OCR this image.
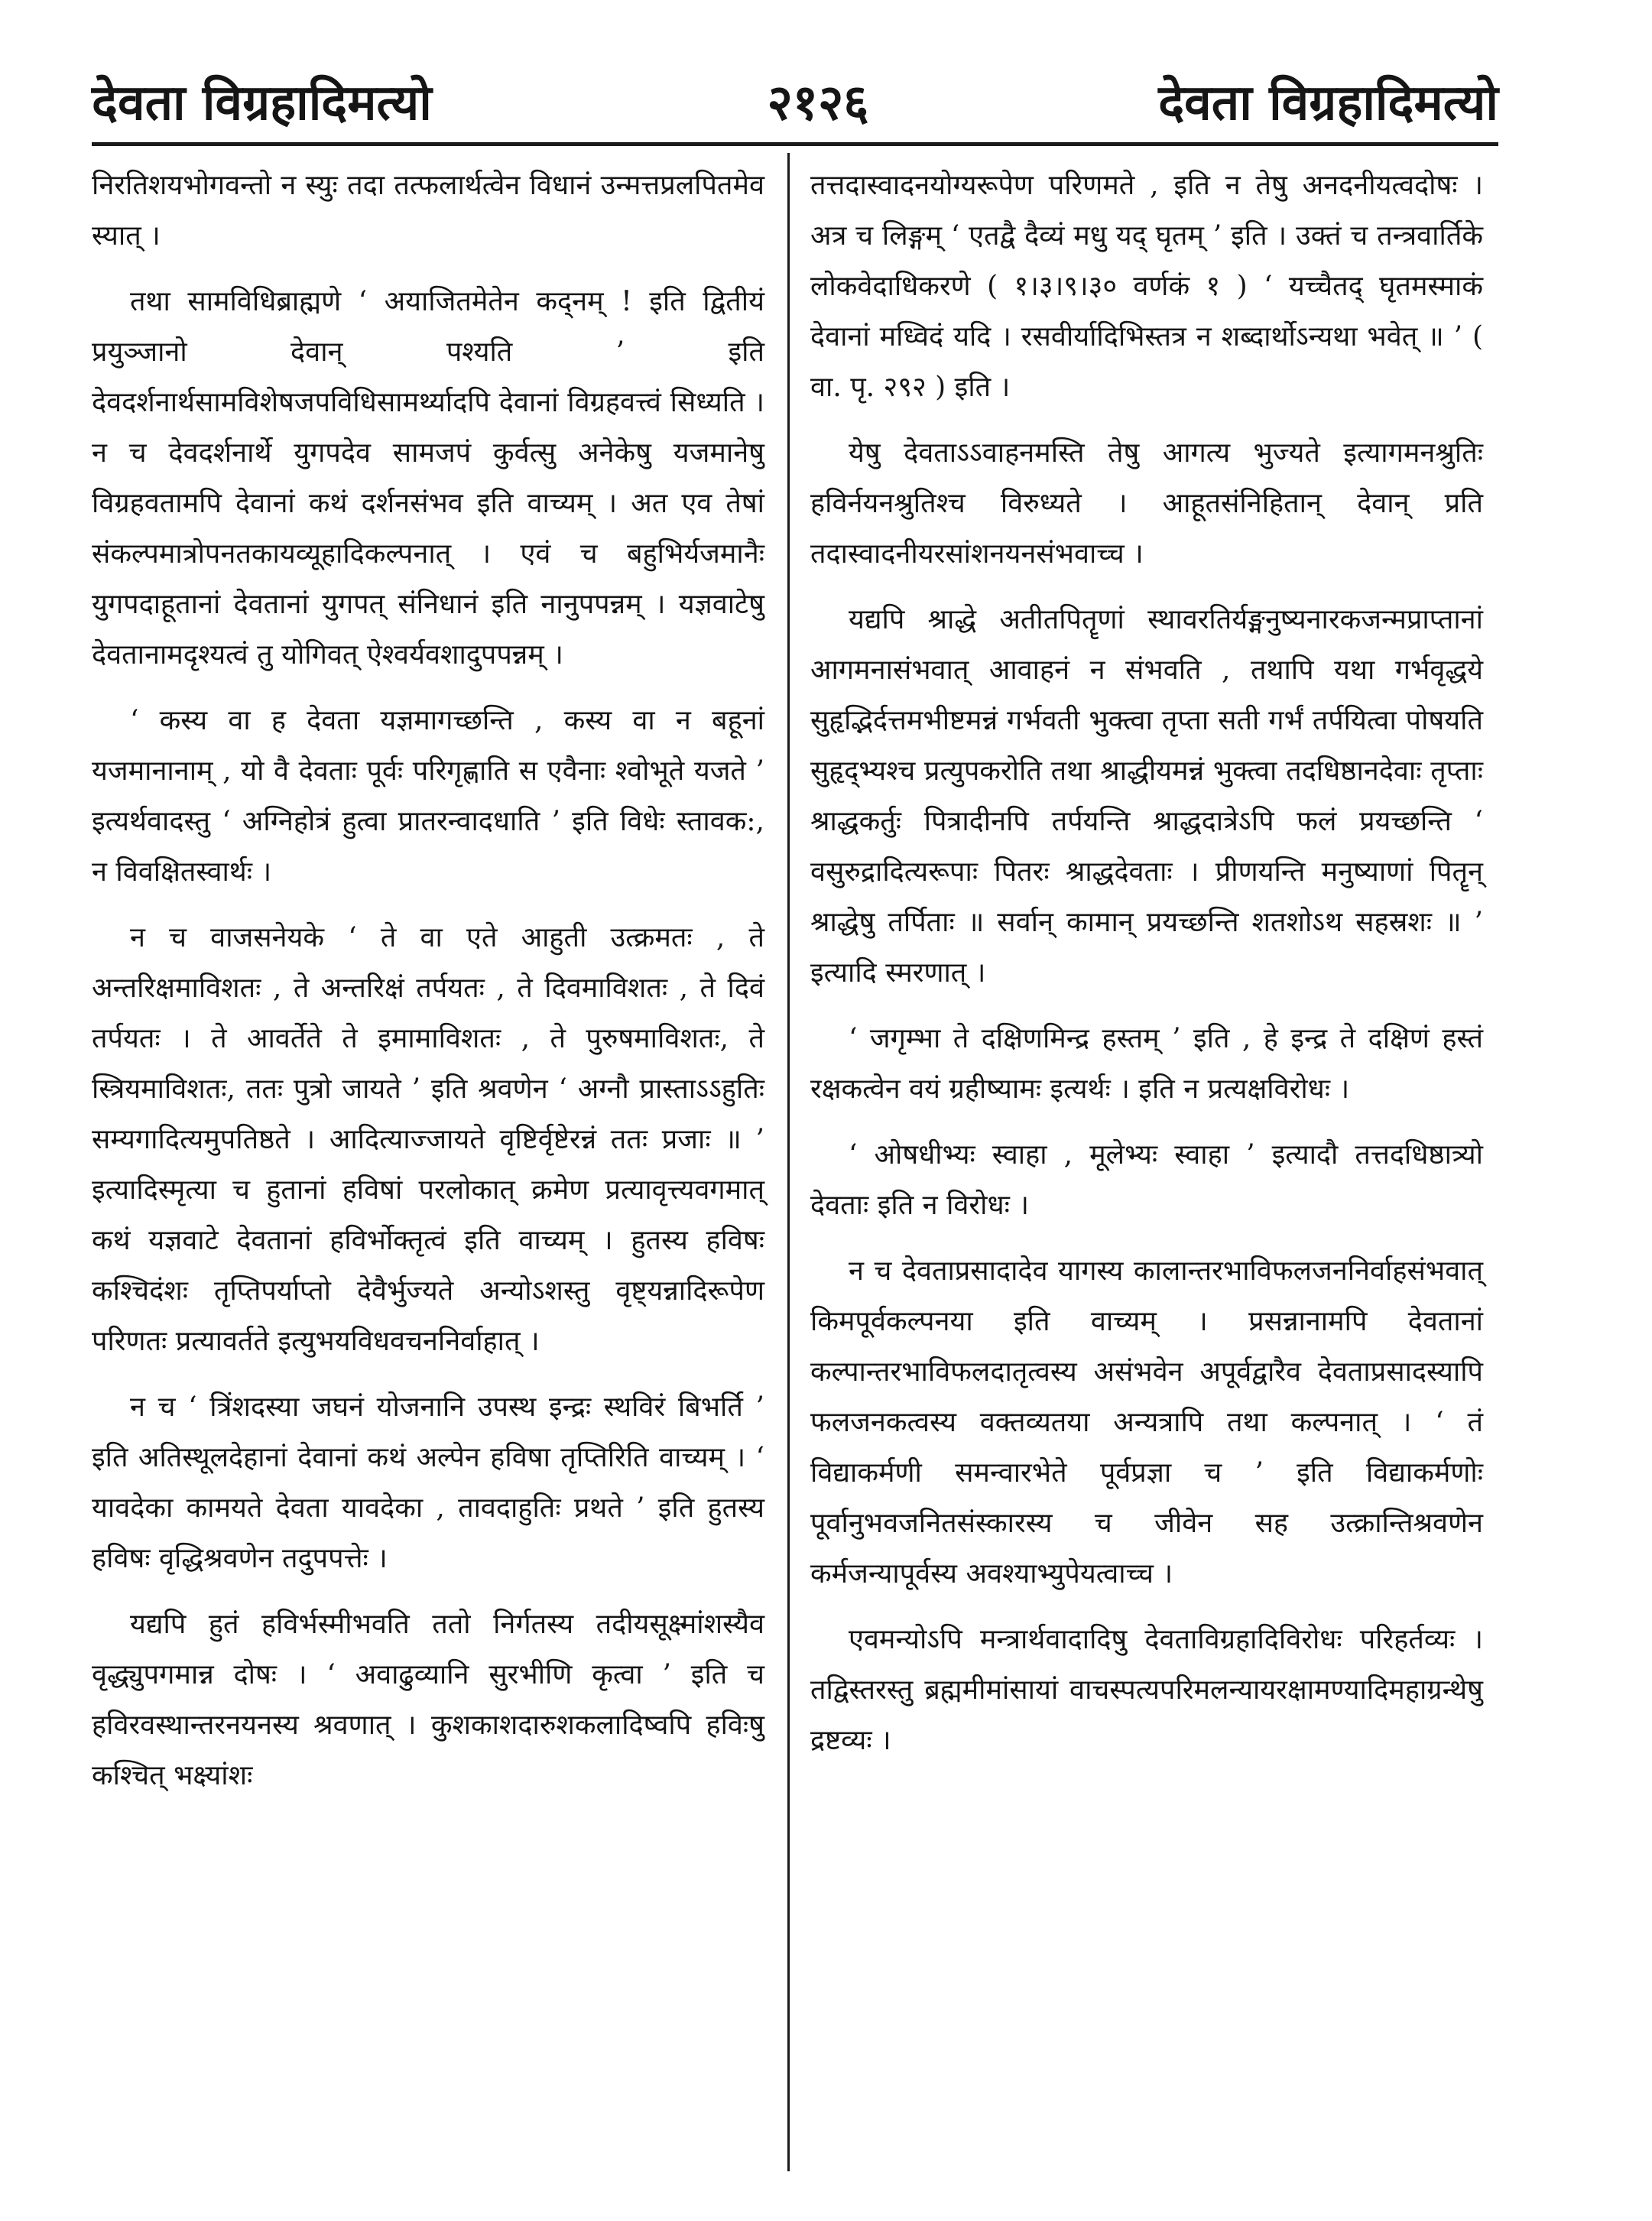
देवता विग्रहादिमत्यो	२१२६	देवता विग्रहादिमत्यो

निरतिशयभोगवन्तो न स्युः तदा तत्फलार्थत्वेन विधानं उन्मत्तप्रलपितमेव स्यात् ।

तथा सामविधिब्राह्मणे ‘ अयाजितमेतेन कद्नम् ! इति द्वितीयं प्रयुञ्जानो देवान् पश्यति ’ इति देवदर्शनार्थसामविशेषजपविधिसामर्थ्यादपि देवानां विग्रहवत्त्वं सिध्यति । न च देवदर्शनार्थे युगपदेव सामजपं कुर्वत्सु अनेकेषु यजमानेषु विग्रहवतामपि देवानां कथं दर्शनसंभव इति वाच्यम् । अत एव तेषां संकल्पमात्रोपनतकायव्यूहादिकल्पनात् । एवं च बहुभिर्यजमानैः युगपदाहूतानां देवतानां युगपत् संनिधानं इति नानुपपन्नम् । यज्ञवाटेषु देवतानामदृश्यत्वं तु योगिवत् ऐश्वर्यवशादुपपन्नम् ।

‘ कस्य वा ह देवता यज्ञमागच्छन्ति , कस्य वा न बहूनां यजमानानाम् , यो वै देवताः पूर्वः परिगृह्णाति स एवैनाः श्वोभूते यजते ’ इत्यर्थवादस्तु ‘ अग्निहोत्रं हुत्वा प्रातरन्वादधाति ’ इति विधेः स्तावक:, न विवक्षितस्वार्थः ।

न च वाजसनेयके ‘ ते वा एते आहुती उत्क्रमतः , ते अन्तरिक्षमाविशतः , ते अन्तरिक्षं तर्पयतः , ते दिवमाविशतः , ते दिवं तर्पयतः । ते आवर्तेते ते इमामाविशतः , ते पुरुषमाविशतः, ते स्त्रियमाविशतः, ततः पुत्रो जायते ’ इति श्रवणेन ‘ अग्नौ प्रास्ताऽऽहुतिः सम्यगादित्यमुपतिष्ठते । आदित्याज्जायते वृष्टिर्वृष्टेरन्नं ततः प्रजाः ॥ ’ इत्यादिस्मृत्या च हुतानां हविषां परलोकात् क्रमेण प्रत्यावृत्त्यवगमात् कथं यज्ञवाटे देवतानां हविर्भोक्तृत्वं इति वाच्यम् । हुतस्य हविषः कश्चिदंशः तृप्तिपर्याप्तो देवैर्भुज्यते अन्योऽशस्तु वृष्ट्यन्नादिरूपेण परिणतः प्रत्यावर्तते इत्युभयविधवचननिर्वाहात् ।

न च ‘ त्रिंशदस्या जघनं योजनानि उपस्थ इन्द्रः स्थविरं बिभर्ति ’ इति अतिस्थूलदेहानां देवानां कथं अल्पेन हविषा तृप्तिरिति वाच्यम् । ‘ यावदेका कामयते देवता यावदेका , तावदाहुतिः प्रथते ’ इति हुतस्य हविषः वृद्धिश्रवणेन तदुपपत्तेः ।

यद्यपि हुतं हविर्भस्मीभवति ततो निर्गतस्य तदीयसूक्ष्मांशस्यैव वृद्ध्युपगमान्न दोषः । ‘ अवाढुव्यानि सुरभीणि कृत्वा ’ इति च हविरवस्थान्तरनयनस्य श्रवणात् । कुशकाशदारुशकलादिष्वपि हविःषु कश्चित् भक्ष्यांशः

तत्तदास्वादनयोग्यरूपेण परिणमते , इति न तेषु अनदनीयत्वदोषः । अत्र च लिङ्गम् ‘ एतद्वै दैव्यं मधु यद् घृतम् ’ इति । उक्तं च तन्त्रवार्तिके लोकवेदाधिकरणे ( १।३।९।३० वर्णकं १ ) ‘ यच्चैतद् घृतमस्माकं देवानां मध्विदं यदि । रसवीर्यादिभिस्तत्र न शब्दार्थोऽन्यथा भवेत् ॥ ’ ( वा. पृ. २९२ ) इति ।

येषु देवताऽऽवाहनमस्ति तेषु आगत्य भुज्यते इत्यागमनश्रुतिः हविर्नयनश्रुतिश्च विरुध्यते । आहूतसंनिहितान् देवान् प्रति तदास्वादनीयरसांशनयनसंभवाच्च ।

यद्यपि श्राद्धे अतीतपितॄणां स्थावरतिर्यङ्मनुष्यनारकजन्मप्राप्तानां आगमनासंभवात् आवाहनं न संभवति , तथापि यथा गर्भवृद्धये सुहृद्भिर्दत्तमभीष्टमन्नं गर्भवती भुक्त्वा तृप्ता सती गर्भं तर्पयित्वा पोषयति सुहृद्भ्यश्च प्रत्युपकरोति तथा श्राद्धीयमन्नं भुक्त्वा तदधिष्ठानदेवाः तृप्ताः श्राद्धकर्तुः पित्रादीनपि तर्पयन्ति श्राद्धदात्रेऽपि फलं प्रयच्छन्ति ‘ वसुरुद्रादित्यरूपाः पितरः श्राद्धदेवताः । प्रीणयन्ति मनुष्याणां पितॄन् श्राद्धेषु तर्पिताः ॥ सर्वान् कामान् प्रयच्छन्ति शतशोऽथ सहस्रशः ॥ ’ इत्यादि स्मरणात् ।

‘ जगृम्भा ते दक्षिणमिन्द्र हस्तम् ’ इति , हे इन्द्र ते दक्षिणं हस्तं रक्षकत्वेन वयं ग्रहीष्यामः इत्यर्थः । इति न प्रत्यक्षविरोधः ।

‘ ओषधीभ्यः स्वाहा , मूलेभ्यः स्वाहा ’ इत्यादौ तत्तदधिष्ठात्र्यो देवताः इति न विरोधः ।

न च देवताप्रसादादेव यागस्य कालान्तरभाविफलजननिर्वाहसंभवात् किमपूर्वकल्पनया इति वाच्यम् । प्रसन्नानामपि देवतानां कल्पान्तरभाविफलदातृत्वस्य असंभवेन अपूर्वद्वारैव देवताप्रसादस्यापि फलजनकत्वस्य वक्तव्यतया अन्यत्रापि तथा कल्पनात् । ‘ तं विद्याकर्मणी समन्वारभेते पूर्वप्रज्ञा च ’ इति विद्याकर्मणोः पूर्वानुभवजनितसंस्कारस्य च जीवेन सह उत्क्रान्तिश्रवणेन कर्मजन्यापूर्वस्य अवश्याभ्युपेयत्वाच्च ।

एवमन्योऽपि मन्त्रार्थवादादिषु देवताविग्रहादिविरोधः परिहर्तव्यः । तद्विस्तरस्तु ब्रह्ममीमांसायां वाचस्पत्यपरिमलन्यायरक्षामण्यादिमहाग्रन्थेषु द्रष्टव्यः ।
